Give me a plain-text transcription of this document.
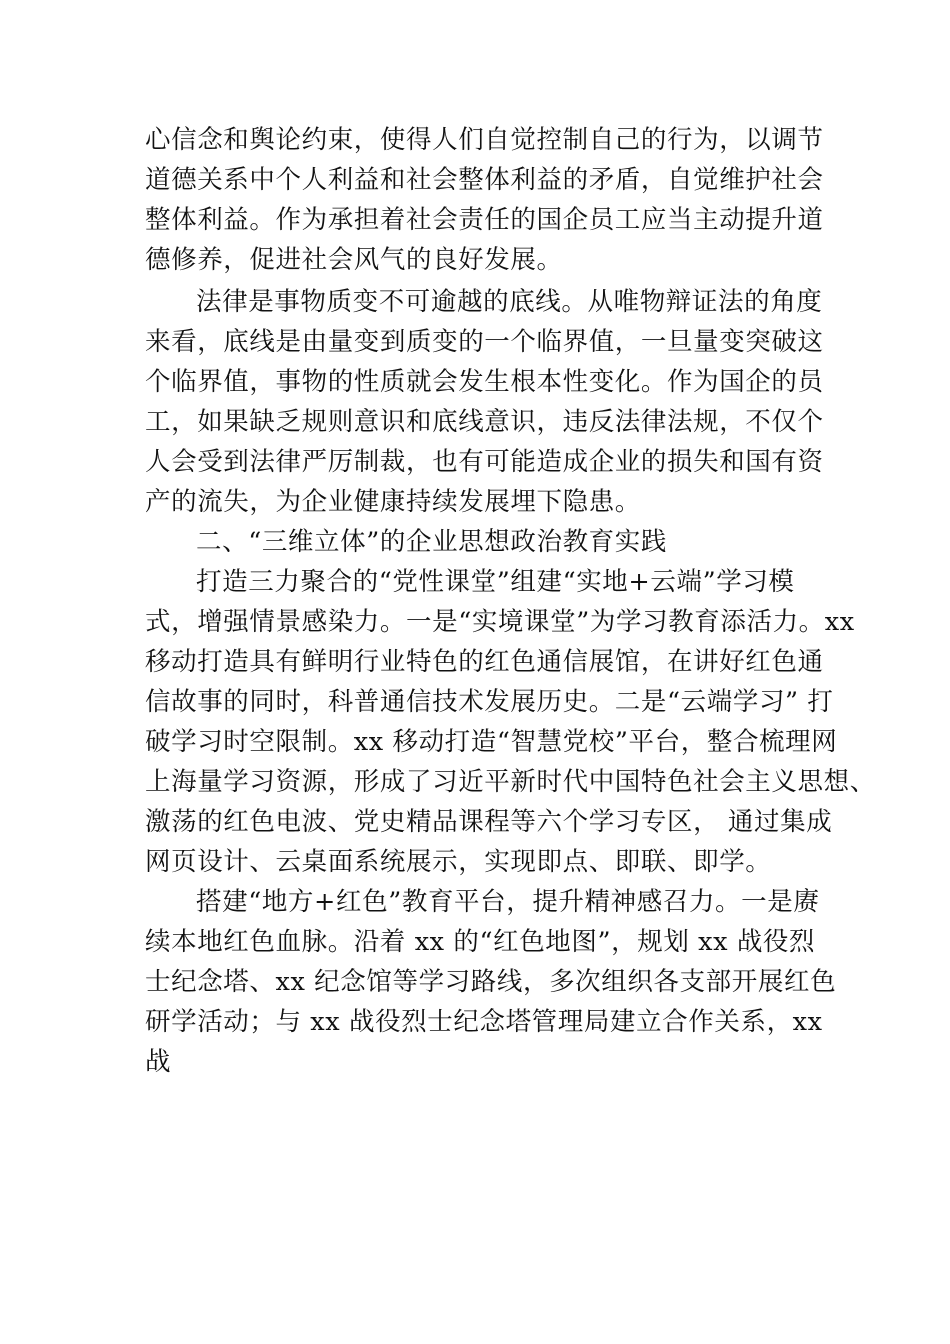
心信念和舆论约束，使得人们自觉控制自己的行为，以调节
道德关系中个人利益和社会整体利益的矛盾，自觉维护社会
整体利益。作为承担着社会责任的国企员工应当主动提升道
德修养，促进社会风气的良好发展。
法律是事物质变不可逾越的底线。从唯物辩证法的角度
来看，底线是由量变到质变的一个临界值，一旦量变突破这
个临界值，事物的性质就会发生根本性变化。作为国企的员
工，如果缺乏规则意识和底线意识，违反法律法规，不仅个
人会受到法律严厉制裁，也有可能造成企业的损失和国有资
产的流失，为企业健康持续发展埋下隐患。
二、“三维立体”的企业思想政治教育实践
打造三力聚合的“党性课堂”组建“实地+云端”学习模
式，增强情景感染力。一是“实境课堂”为学习教育添活力。xx
移动打造具有鲜明行业特色的红色通信展馆，在讲好红色通
信故事的同时，科普通信技术发展历史。二是“云端学习” 打
破学习时空限制。xx 移动打造“智慧党校”平台，整合梳理网
上海量学习资源，形成了习近平新时代中国特色社会主义思想、
激荡的红色电波、党史精品课程等六个学习专区， 通过集成
网页设计、云桌面系统展示，实现即点、即联、即学。
搭建“地方+红色”教育平台，提升精神感召力。一是赓
续本地红色血脉。沿着 xx 的“红色地图”，规划 xx 战役烈
士纪念塔、xx 纪念馆等学习路线，多次组织各支部开展红色
研学活动；与 xx 战役烈士纪念塔管理局建立合作关系，xx
战
